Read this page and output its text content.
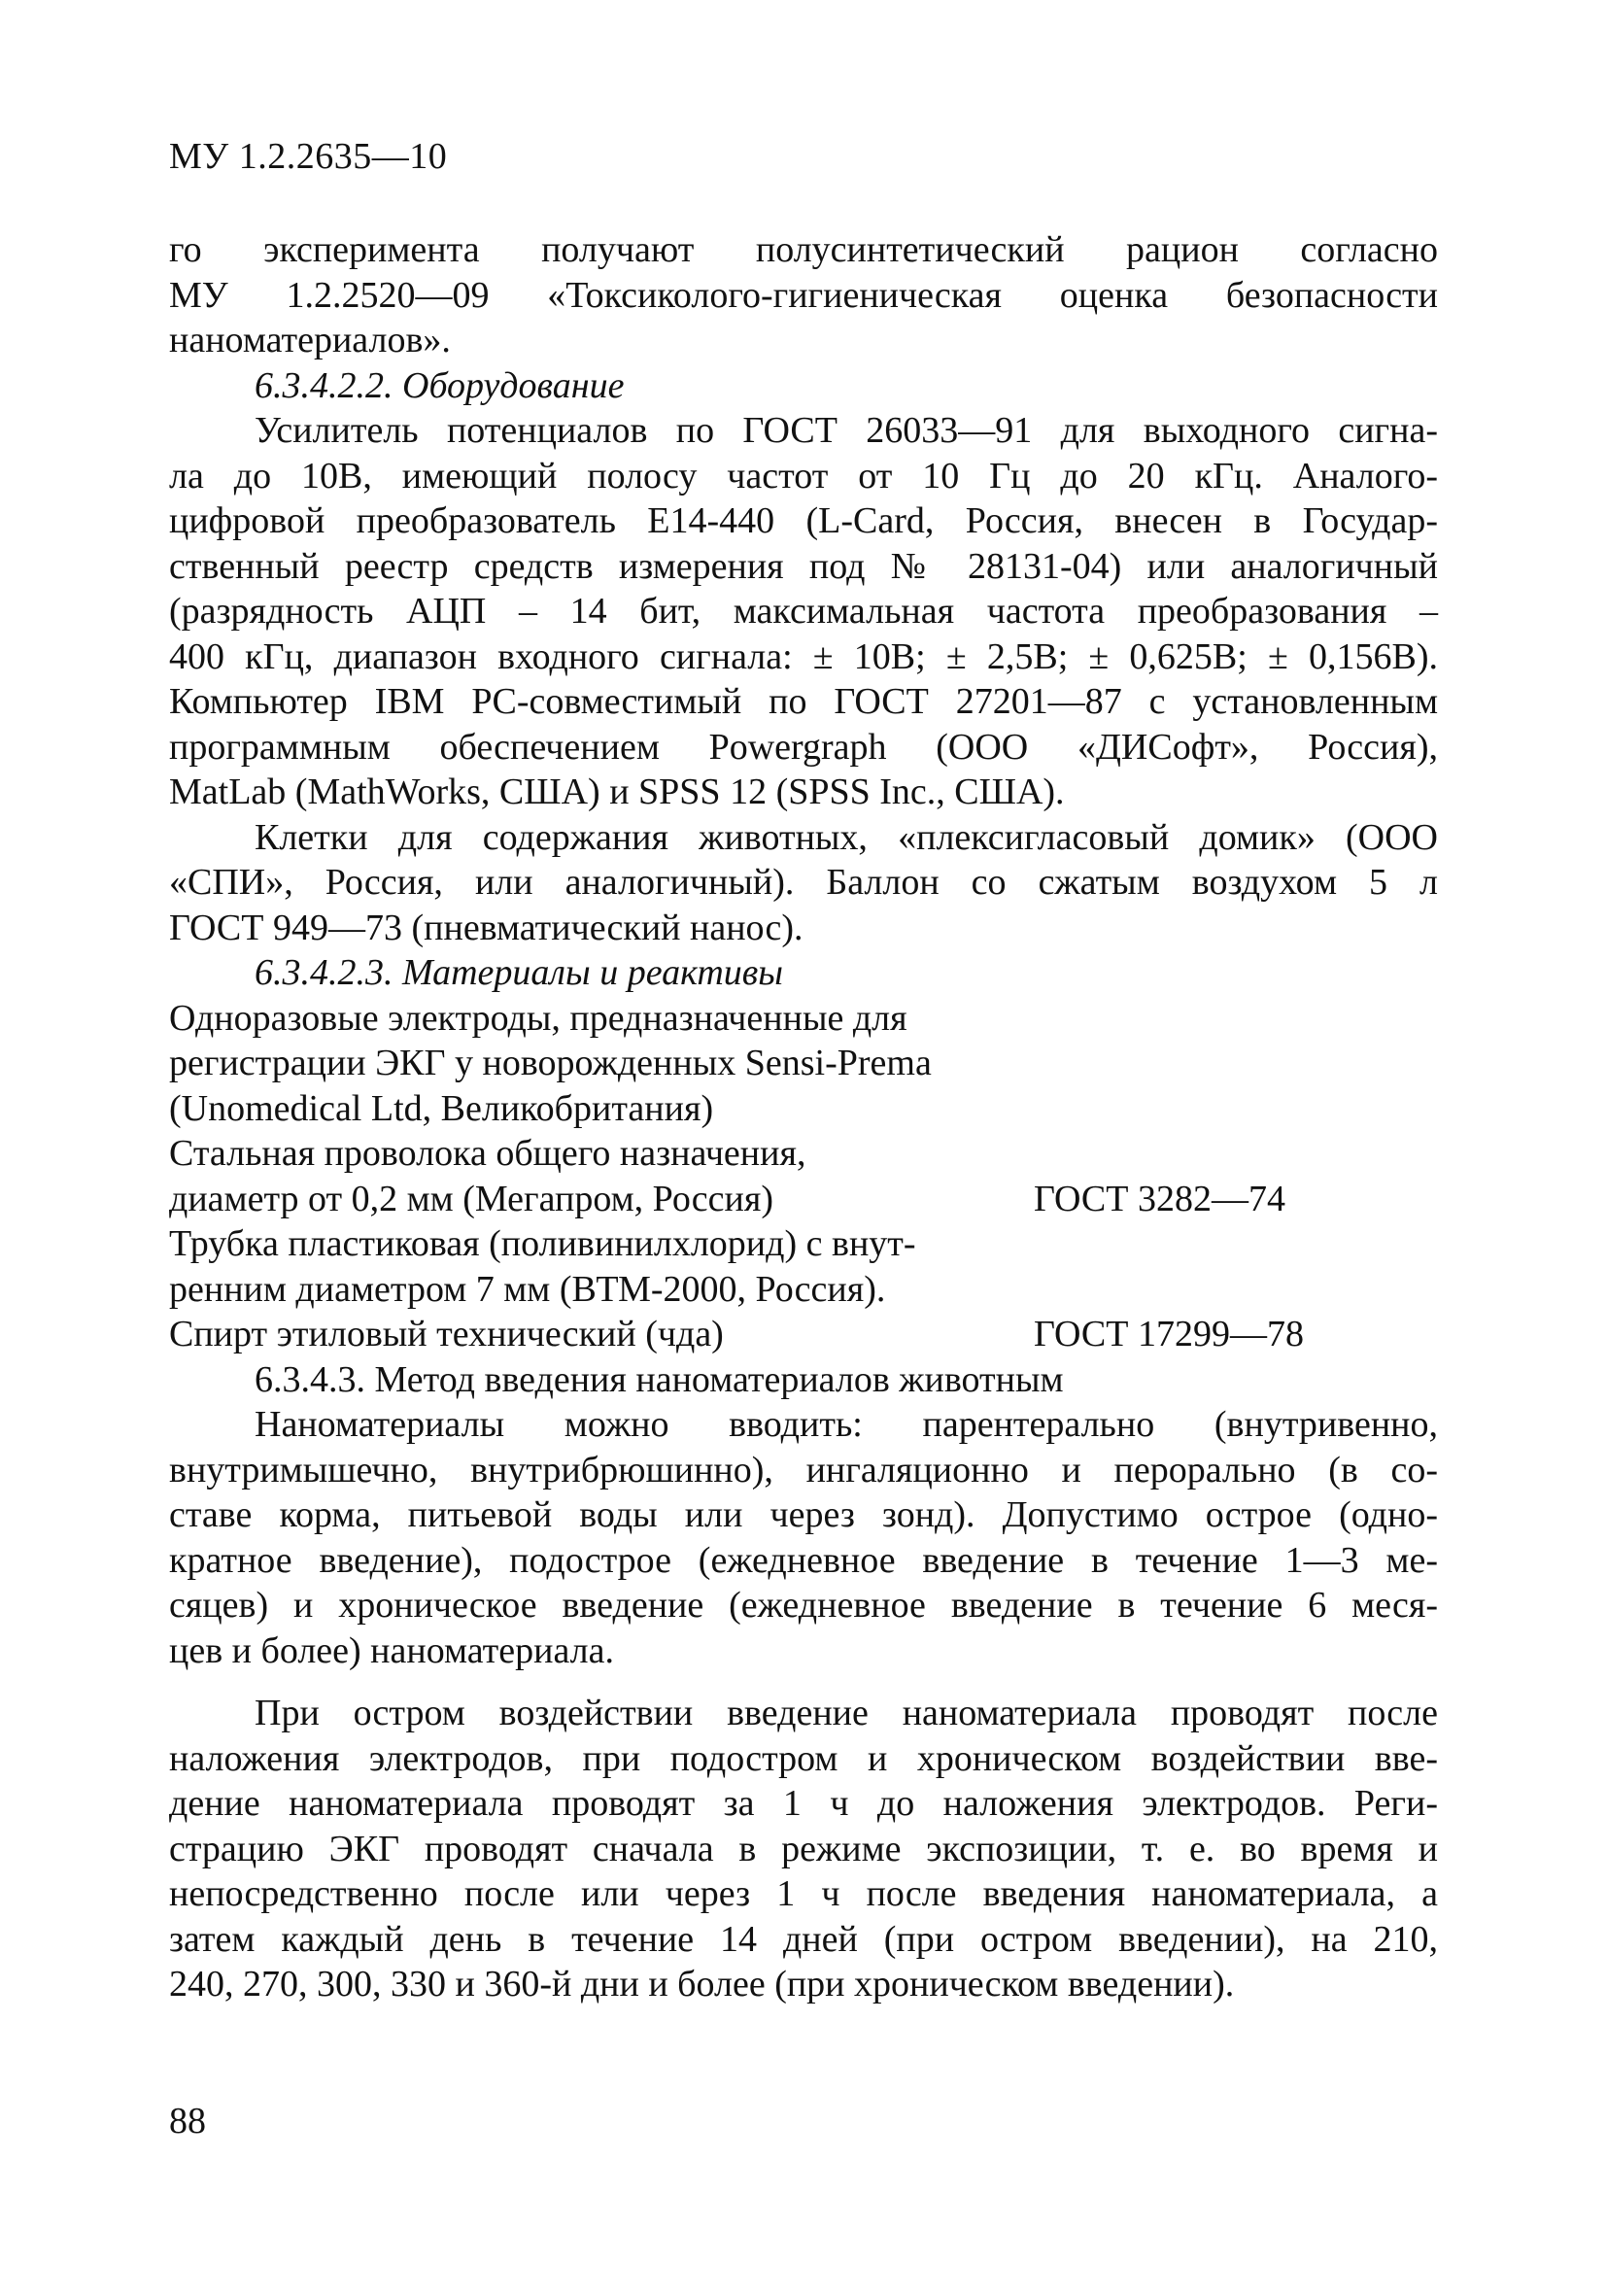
МУ 1.2.2635—10
го эксперимента получают полусинтетический рацион согласно
МУ 1.2.2520—09 «Токсиколого-гигиеническая оценка безопасности
наноматериалов».
6.3.4.2.2. Оборудование
Усилитель потенциалов по ГОСТ 26033—91 для выходного сигна-
ла до 10В, имеющий полосу частот от 10 Гц до 20 кГц. Аналого-
цифровой преобразователь Е14-440 (L-Card, Россия, внесен в Государ-
ственный реестр средств измерения под № 28131-04) или аналогичный
(разрядность АЦП – 14 бит, максимальная частота преобразования –
400 кГц, диапазон входного сигнала: ± 10В; ± 2,5В; ± 0,625В; ± 0,156В).
Компьютер IBM PC-совместимый по ГОСТ 27201—87 с установленным
программным обеспечением Powergraph (ООО «ДИСофт», Россия),
MatLab (MathWorks, США) и SPSS 12 (SPSS Inc., США).
Клетки для содержания животных, «плексигласовый домик» (ООО
«СПИ», Россия, или аналогичный). Баллон со сжатым воздухом 5 л
ГОСТ 949—73 (пневматический нанос).
6.3.4.2.3. Материалы и реактивы
Одноразовые электроды, предназначенные для
регистрации ЭКГ у новорожденных Sensi-Prema
(Unomedical Ltd, Великобритания)
Стальная проволока общего назначения,
диаметр от 0,2 мм (Мегапром, Россия)	ГОСТ 3282—74
Трубка пластиковая (поливинилхлорид) с внут-
ренним диаметром 7 мм (ВТМ-2000, Россия).
Спирт этиловый технический (чда)	ГОСТ 17299—78
6.3.4.3. Метод введения наноматериалов животным
Наноматериалы можно вводить: парентерально (внутривенно,
внутримышечно, внутрибрюшинно), ингаляционно и перорально (в со-
ставе корма, питьевой воды или через зонд). Допустимо острое (одно-
кратное введение), подострое (ежедневное введение в течение 1—3 ме-
сяцев) и хроническое введение (ежедневное введение в течение 6 меся-
цев и более) наноматериала.
При остром воздействии введение наноматериала проводят после
наложения электродов, при подостром и хроническом воздействии вве-
дение наноматериала проводят за 1 ч до наложения электродов. Реги-
страцию ЭКГ проводят сначала в режиме экспозиции, т. е. во время и
непосредственно после или через 1 ч после введения наноматериала, а
затем каждый день в течение 14 дней (при остром введении), на 210,
240, 270, 300, 330 и 360-й дни и более (при хроническом введении).
88
